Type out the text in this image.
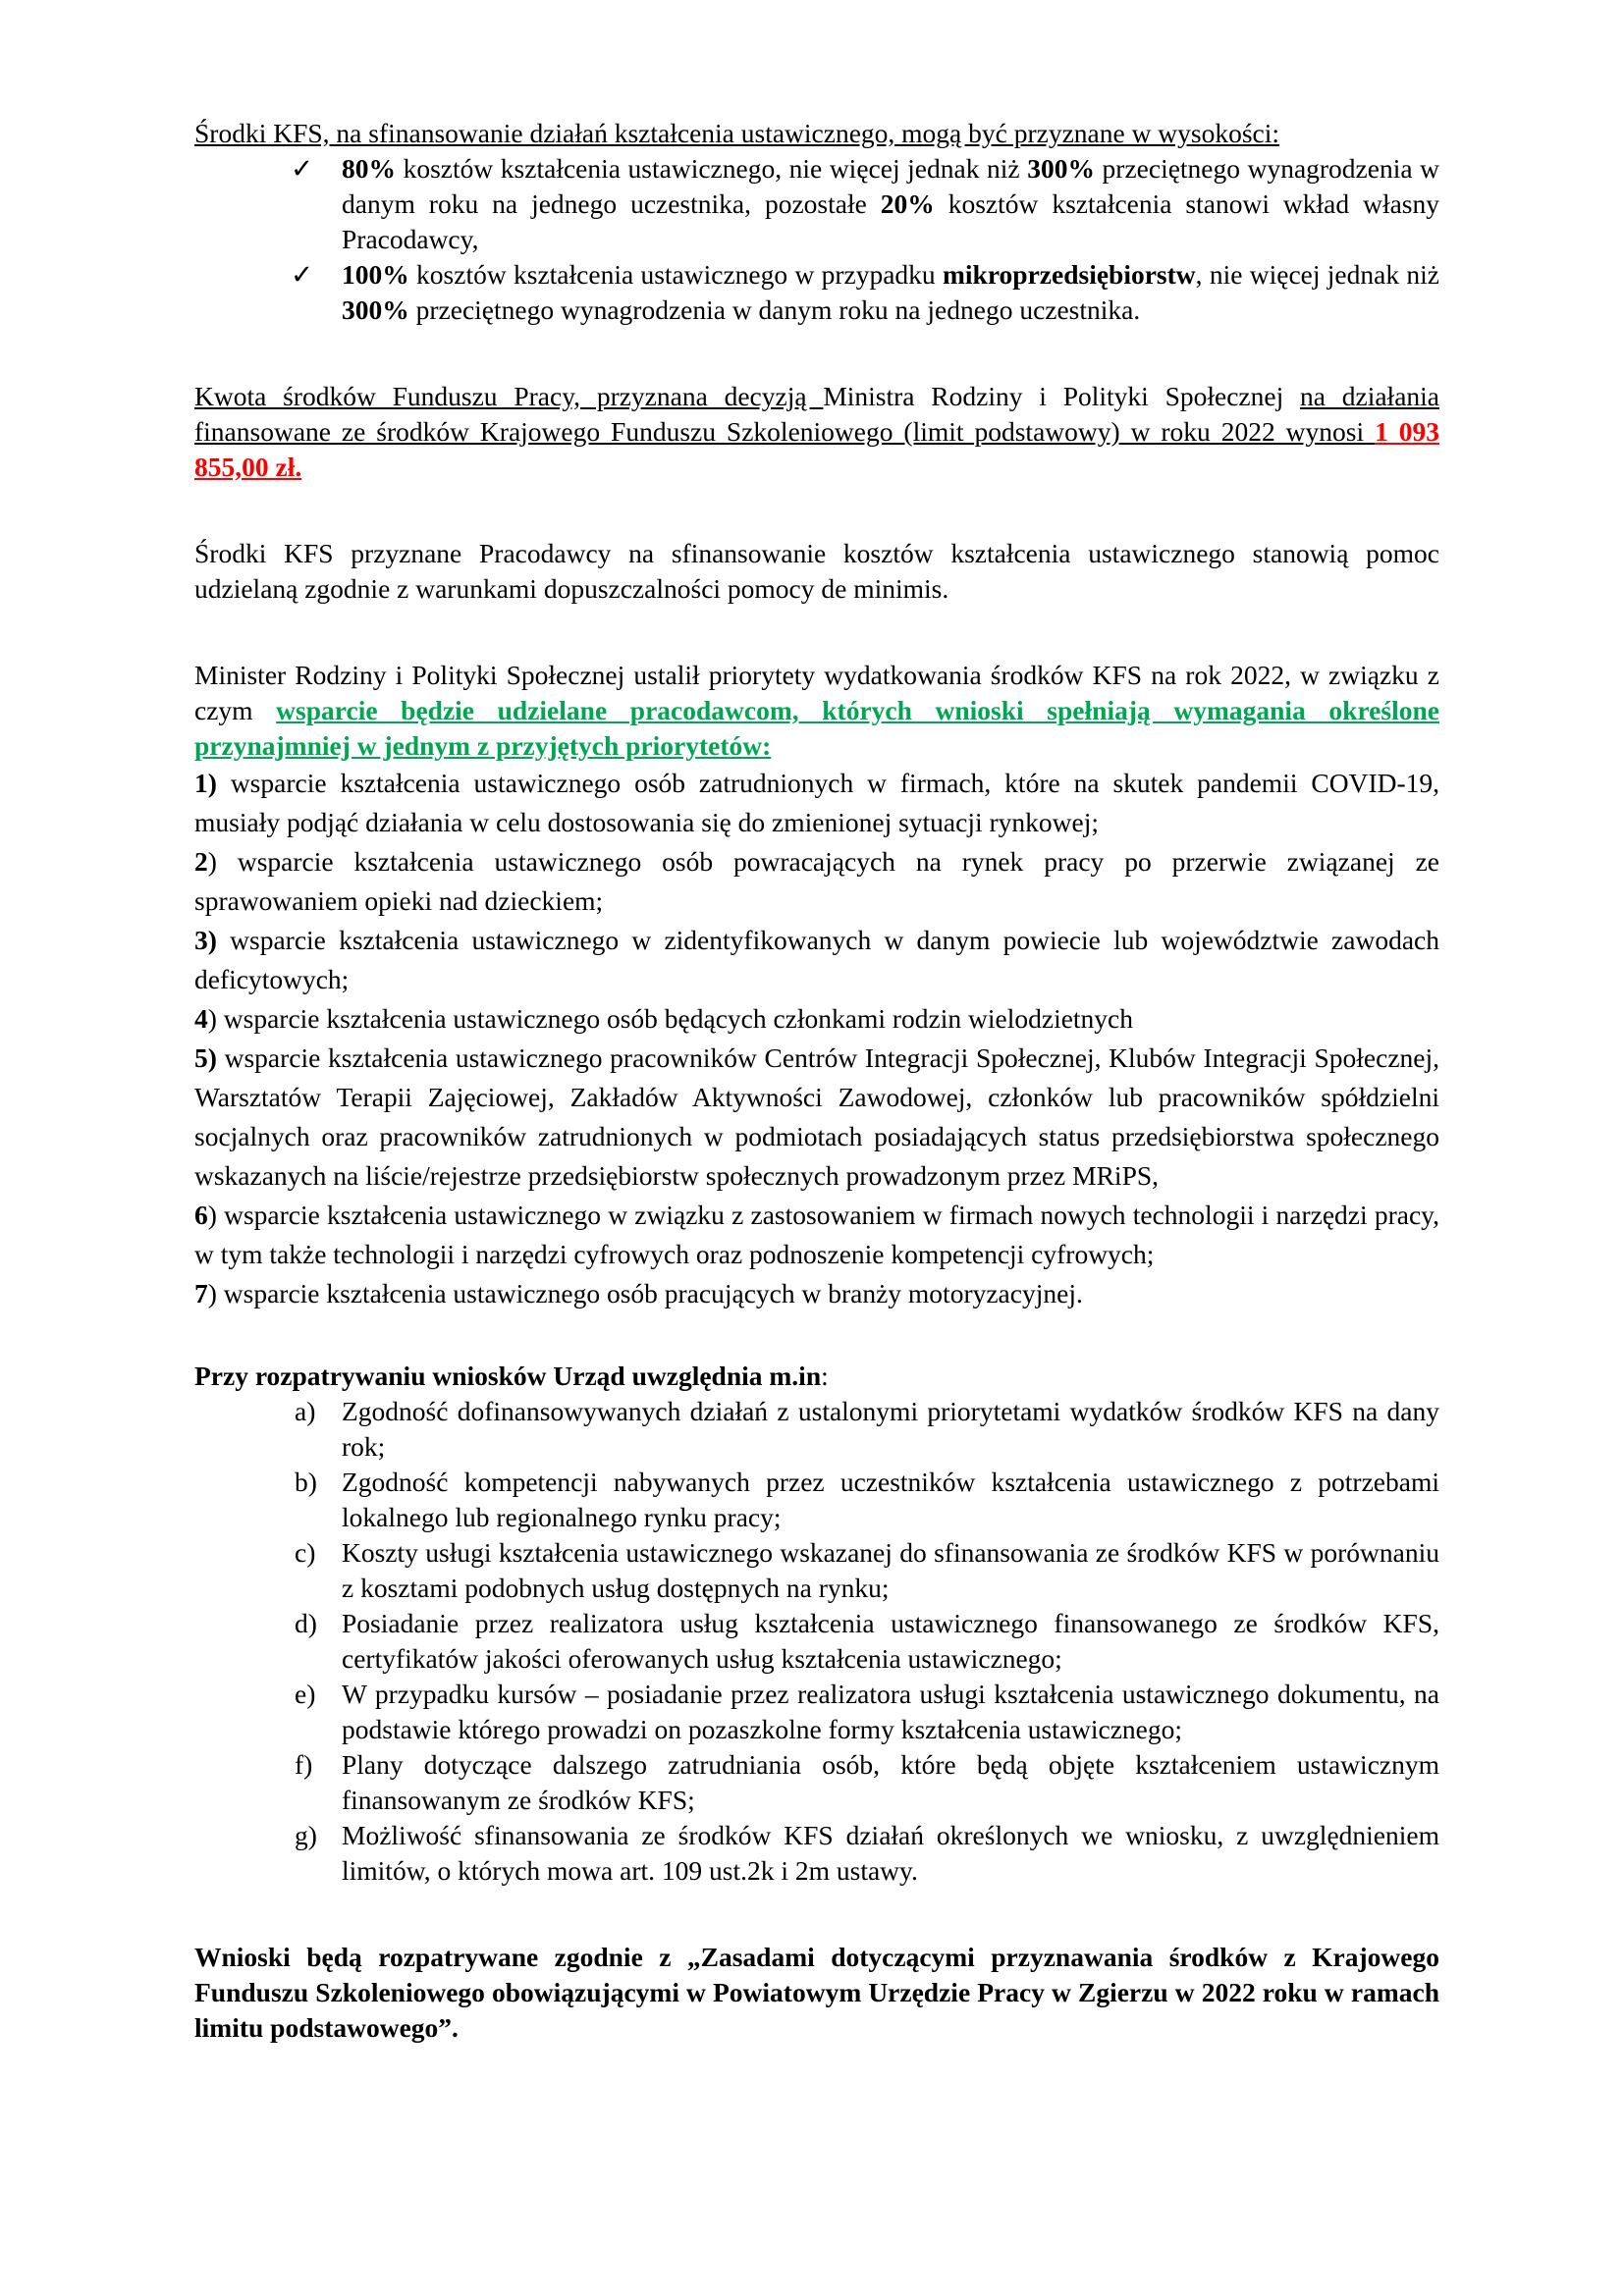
Środki KFS, na sfinansowanie działań kształcenia ustawicznego, mogą być przyznane w wysokości:

✓ 80% kosztów kształcenia ustawicznego, nie więcej jednak niż 300% przeciętnego wynagrodzenia w danym roku na jednego uczestnika, pozostałe 20% kosztów kształcenia stanowi wkład własny Pracodawcy,
✓ 100% kosztów kształcenia ustawicznego w przypadku mikroprzedsiębiorstw, nie więcej jednak niż 300% przeciętnego wynagrodzenia w danym roku na jednego uczestnika.

Kwota środków Funduszu Pracy, przyznana decyzją Ministra Rodziny i Polityki Społecznej na działania finansowane ze środków Krajowego Funduszu Szkoleniowego (limit podstawowy) w roku 2022 wynosi 1 093 855,00 zł.

Środki KFS przyznane Pracodawcy na sfinansowanie kosztów kształcenia ustawicznego stanowią pomoc udzielaną zgodnie z warunkami dopuszczalności pomocy de minimis.

Minister Rodziny i Polityki Społecznej ustalił priorytety wydatkowania środków KFS na rok 2022, w związku z czym wsparcie będzie udzielane pracodawcom, których wnioski spełniają wymagania określone przynajmniej w jednym z przyjętych priorytetów:

1) wsparcie kształcenia ustawicznego osób zatrudnionych w firmach, które na skutek pandemii COVID-19, musiały podjąć działania w celu dostosowania się do zmienionej sytuacji rynkowej;

2) wsparcie kształcenia ustawicznego osób powracających na rynek pracy po przerwie związanej ze sprawowaniem opieki nad dzieckiem;

3) wsparcie kształcenia ustawicznego w zidentyfikowanych w danym powiecie lub województwie zawodach deficytowych;

4) wsparcie kształcenia ustawicznego osób będących członkami rodzin wielodzietnych

5) wsparcie kształcenia ustawicznego pracowników Centrów Integracji Społecznej, Klubów Integracji Społecznej, Warsztatów Terapii Zajęciowej, Zakładów Aktywności Zawodowej, członków lub pracowników spółdzielni socjalnych oraz pracowników zatrudnionych w podmiotach posiadających status przedsiębiorstwa społecznego wskazanych na liście/rejestrze przedsiębiorstw społecznych prowadzonym przez MRiPS,

6) wsparcie kształcenia ustawicznego w związku z zastosowaniem w firmach nowych technologii i narzędzi pracy, w tym także technologii i narzędzi cyfrowych oraz podnoszenie kompetencji cyfrowych;

7) wsparcie kształcenia ustawicznego osób pracujących w branży motoryzacyjnej.

Przy rozpatrywaniu wniosków Urząd uwzględnia m.in:

a) Zgodność dofinansowywanych działań z ustalonymi priorytetami wydatków środków KFS na dany rok;
b) Zgodność kompetencji nabywanych przez uczestników kształcenia ustawicznego z potrzebami lokalnego lub regionalnego rynku pracy;
c) Koszty usługi kształcenia ustawicznego wskazanej do sfinansowania ze środków KFS w porównaniu z kosztami podobnych usług dostępnych na rynku;
d) Posiadanie przez realizatora usług kształcenia ustawicznego finansowanego ze środków KFS, certyfikatów jakości oferowanych usług kształcenia ustawicznego;
e) W przypadku kursów – posiadanie przez realizatora usługi kształcenia ustawicznego dokumentu, na podstawie którego prowadzi on pozaszkolne formy kształcenia ustawicznego;
f) Plany dotyczące dalszego zatrudniania osób, które będą objęte kształceniem ustawicznym finansowanym ze środków KFS;
g) Możliwość sfinansowania ze środków KFS działań określonych we wniosku, z uwzględnieniem limitów, o których mowa art. 109 ust.2k i 2m ustawy.

Wnioski będą rozpatrywane zgodnie z „Zasadami dotyczącymi przyznawania środków z Krajowego Funduszu Szkoleniowego obowiązującymi w Powiatowym Urzędzie Pracy w Zgierzu w 2022 roku w ramach limitu podstawowego”.
